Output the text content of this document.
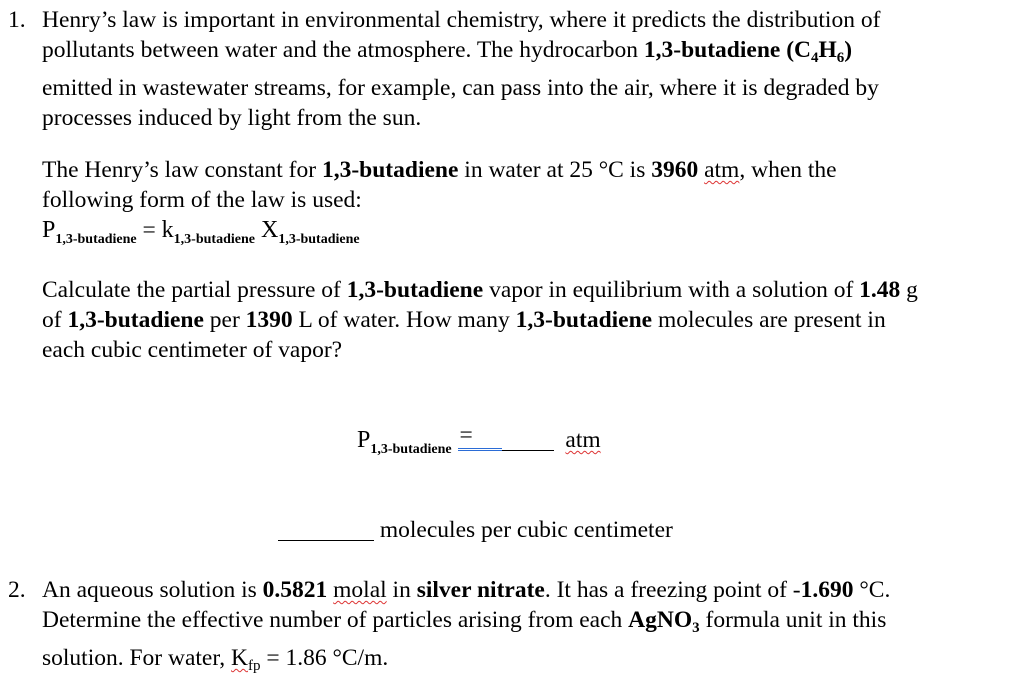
1. Henry’s law is important in environmental chemistry, where it predicts the distribution of
pollutants between water and the atmosphere. The hydrocarbon 1,3-butadiene $(C_4H_6)$
emitted in wastewater streams, for example, can pass into the air, where it is degraded by
processes induced by light from the sun.
The Henry’s law constant for 1,3-butadiene in water at 25 °C is 3960 atm, when the
following form of the law is used:
$P_{1,3-butadiene} = k_{1,3-butadiene}$ $X_{1,3-butadiene}$
Calculate the partial pressure of 1,3-butadiene vapor in equilibrium with a solution of 1.48 g
of 1,3-butadiene per 1390 L of water. How many 1,3-butadiene molecules are present in
each cubic centimeter of vapor?
$P_{1,3-butadiene}$
=	atm
molecules per cubic centimeter
2. An aqueous solution is 0.5821 molal in silver nitrate. It has a freezing point of -1.690 °C.
Determine the effective number of particles arising from each AgNO$_3$ formula unit in this
solution. For water, $K_{fp} = 1.86$ °C/m.
